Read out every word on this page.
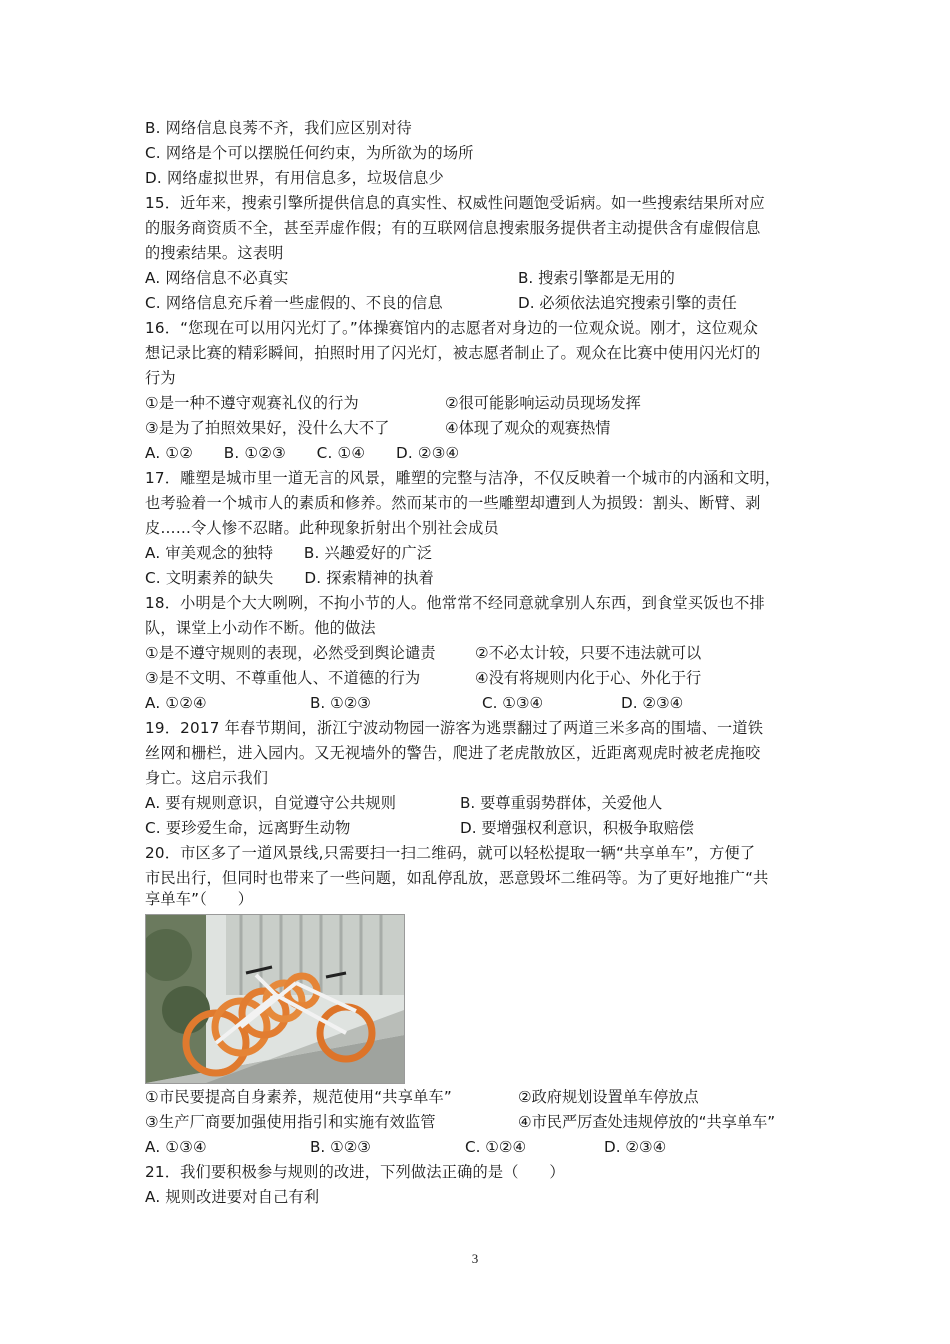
B. 网络信息良莠不齐，我们应区别对待
C. 网络是个可以摆脱任何约束，为所欲为的场所
D. 网络虚拟世界，有用信息多，垃圾信息少
15．近年来，搜索引擎所提供信息的真实性、权威性问题饱受诟病。如一些搜索结果所对应
的服务商资质不全，甚至弄虚作假；有的互联网信息搜索服务提供者主动提供含有虚假信息
的搜索结果。这表明
A. 网络信息不必真实	B. 搜索引擎都是无用的
C. 网络信息充斥着一些虚假的、不良的信息	D. 必须依法追究搜索引擎的责任
16．“您现在可以用闪光灯了。”体操赛馆内的志愿者对身边的一位观众说。刚才，这位观众
想记录比赛的精彩瞬间，拍照时用了闪光灯，被志愿者制止了。观众在比赛中使用闪光灯的
行为
①是一种不遵守观赛礼仪的行为	②很可能影响运动员现场发挥
③是为了拍照效果好，没什么大不了	④体现了观众的观赛热情
A. ①②　　B. ①②③　　C. ①④　　D. ②③④
17．雕塑是城市里一道无言的风景，雕塑的完整与洁净，不仅反映着一个城市的内涵和文明，
也考验着一个城市人的素质和修养。然而某市的一些雕塑却遭到人为损毁：割头、断臂、剥
皮……令人惨不忍睹。此种现象折射出个别社会成员
A. 审美观念的独特　　B. 兴趣爱好的广泛
C. 文明素养的缺失　　D. 探索精神的执着
18．小明是个大大咧咧，不拘小节的人。他常常不经同意就拿别人东西，到食堂买饭也不排
队，课堂上小动作不断。他的做法
①是不遵守规则的表现，必然受到舆论谴责	②不必太计较，只要不违法就可以
③是不文明、不尊重他人、不道德的行为	④没有将规则内化于心、外化于行
A. ①②④	B. ①②③	C. ①③④	D. ②③④
19．2017 年春节期间，浙江宁波动物园一游客为逃票翻过了两道三米多高的围墙、一道铁
丝网和栅栏，进入园内。又无视墙外的警告，爬进了老虎散放区，近距离观虎时被老虎拖咬
身亡。这启示我们
A. 要有规则意识，自觉遵守公共规则	B. 要尊重弱势群体，关爱他人
C. 要珍爱生命，远离野生动物	D. 要增强权利意识，积极争取赔偿
20．市区多了一道风景线,只需要扫一扫二维码，就可以轻松提取一辆“共享单车”，方便了
市民出行，但同时也带来了一些问题，如乱停乱放，恶意毁坏二维码等。为了更好地推广“共
享单车”（　　）
①市民要提高自身素养，规范使用“共享单车”	②政府规划设置单车停放点
③生产厂商要加强使用指引和实施有效监管	④市民严厉查处违规停放的“共享单车”
A. ①③④	B. ①②③	C. ①②④	D. ②③④
21．我们要积极参与规则的改进，下列做法正确的是（　　）
A. 规则改进要对自己有利
3
